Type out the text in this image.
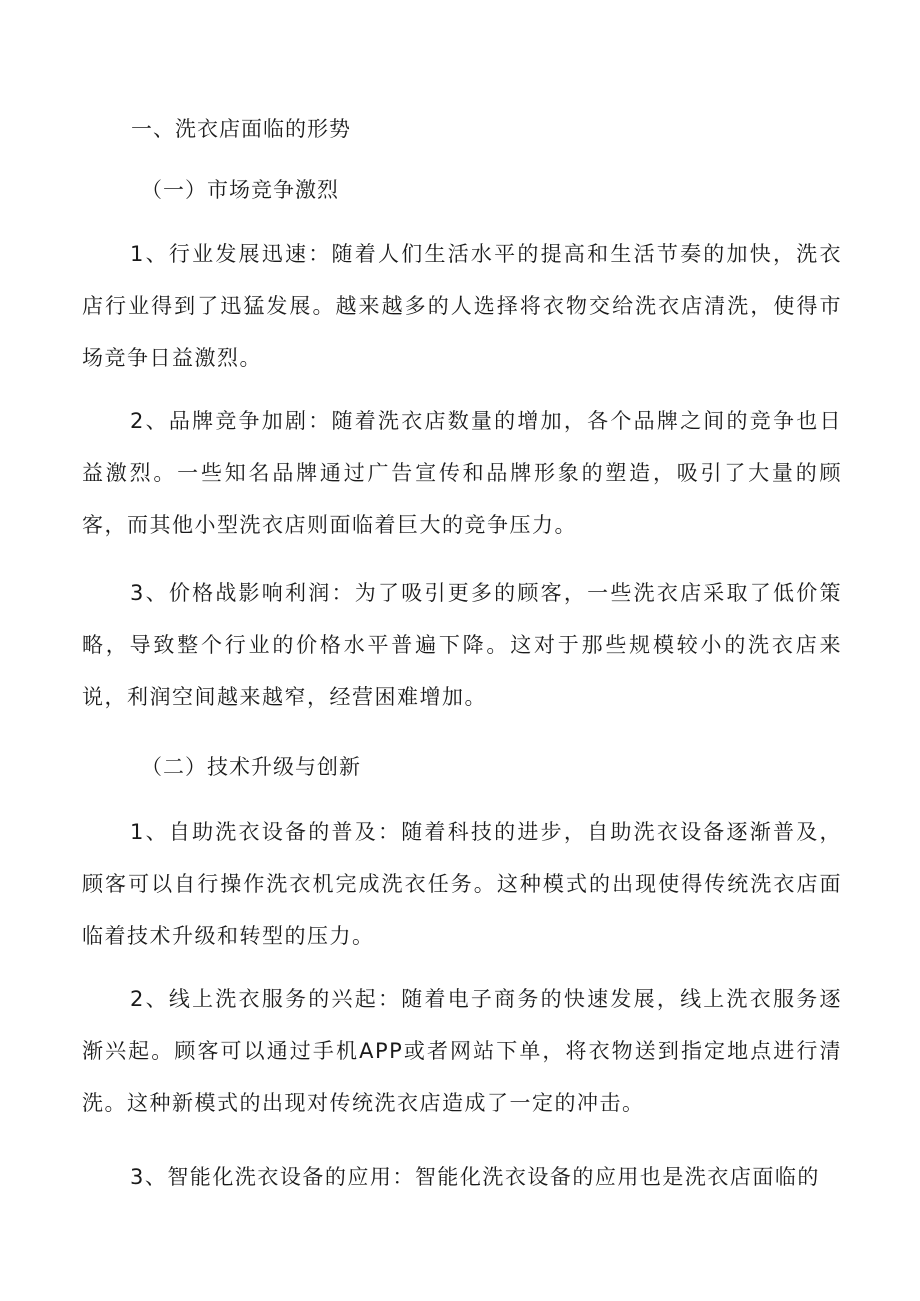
一、洗衣店面临的形势
（一）市场竞争激烈

1、行业发展迅速：随着人们生活水平的提高和生活节奏的加快，洗衣店行业得到了迅猛发展。越来越多的人选择将衣物交给洗衣店清洗，使得市场竞争日益激烈。

2、品牌竞争加剧：随着洗衣店数量的增加，各个品牌之间的竞争也日益激烈。一些知名品牌通过广告宣传和品牌形象的塑造，吸引了大量的顾客，而其他小型洗衣店则面临着巨大的竞争压力。

3、价格战影响利润：为了吸引更多的顾客，一些洗衣店采取了低价策略，导致整个行业的价格水平普遍下降。这对于那些规模较小的洗衣店来说，利润空间越来越窄，经营困难增加。

（二）技术升级与创新

1、自助洗衣设备的普及：随着科技的进步，自助洗衣设备逐渐普及，顾客可以自行操作洗衣机完成洗衣任务。这种模式的出现使得传统洗衣店面临着技术升级和转型的压力。

2、线上洗衣服务的兴起：随着电子商务的快速发展，线上洗衣服务逐渐兴起。顾客可以通过手机APP或者网站下单，将衣物送到指定地点进行清洗。这种新模式的出现对传统洗衣店造成了一定的冲击。

3、智能化洗衣设备的应用：智能化洗衣设备的应用也是洗衣店面临的
